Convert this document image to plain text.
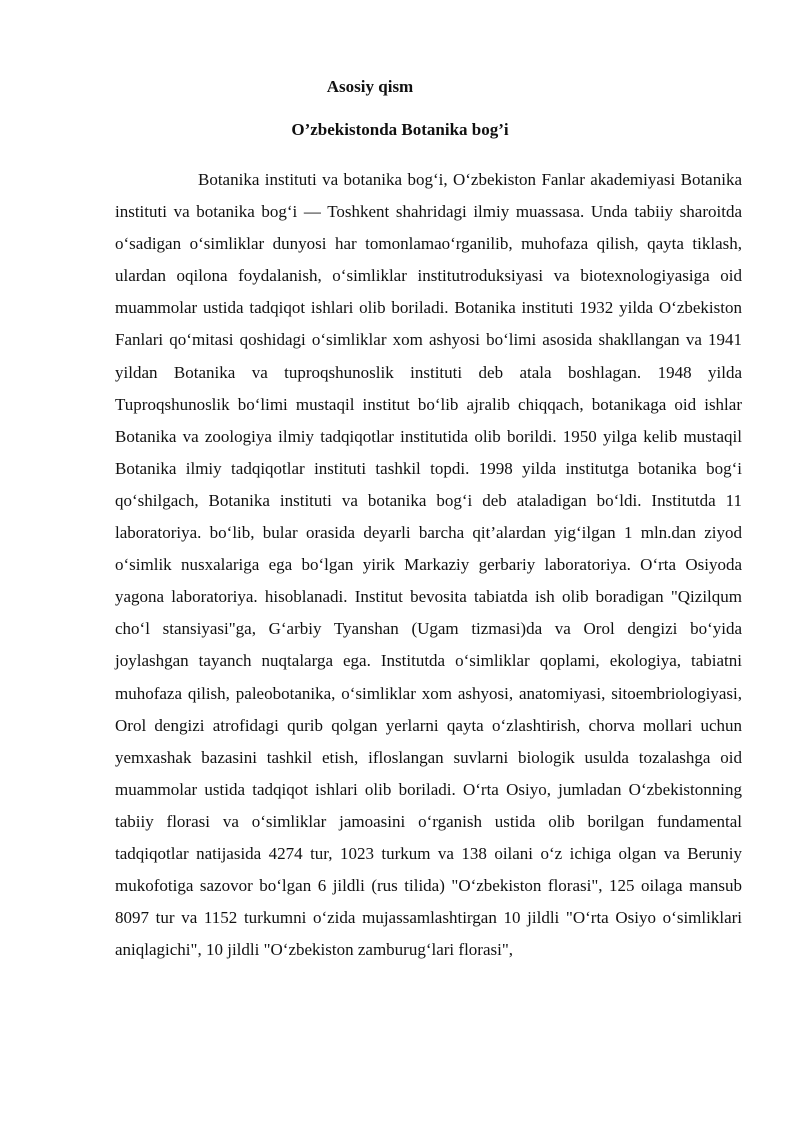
Asosiy qism
O’zbekistonda Botanika bog’i

Botanika instituti va botanika bog‘i, O‘zbekiston Fanlar akademiyasi Botanika instituti va botanika bog‘i — Toshkent shahridagi ilmiy muassasa. Unda tabiiy sharoitda o‘sadigan o‘simliklar dunyosi har tomonlamao‘rganilib, muhofaza qilish, qayta tiklash, ulardan oqilona foydalanish, o‘simliklar institutroduksiyasi va biotexnologiyasiga oid muammolar ustida tadqiqot ishlari olib boriladi. Botanika instituti 1932 yilda O‘zbekiston Fanlari qo‘mitasi qoshidagi o‘simliklar xom ashyosi bo‘limi asosida shakllangan va 1941 yildan Botanika va tuproqshunoslik instituti deb atala boshlagan. 1948 yilda Tuproqshunoslik bo‘limi mustaqil institut bo‘lib ajralib chiqqach, botanikaga oid ishlar Botanika va zoologiya ilmiy tadqiqotlar institutida olib borildi. 1950 yilga kelib mustaqil Botanika ilmiy tadqiqotlar instituti tashkil topdi. 1998 yilda institutga botanika bog‘i qo‘shilgach, Botanika instituti va botanika bog‘i deb ataladigan bo‘ldi. Institutda 11 laboratoriya. bo‘lib, bular orasida deyarli barcha qit’alardan yig‘ilgan 1 mln.dan ziyod o‘simlik nusxalariga ega bo‘lgan yirik Markaziy gerbariy laboratoriya. O‘rta Osiyoda yagona laboratoriya. hisoblanadi. Institut bevosita tabiatda ish olib boradigan "Qizilqum cho‘l stansiyasi"ga, G‘arbiy Tyanshan (Ugam tizmasi)da va Orol dengizi bo‘yida joylashgan tayanch nuqtalarga ega. Institutda o‘simliklar qoplami, ekologiya, tabiatni muhofaza qilish, paleobotanika, o‘simliklar xom ashyosi, anatomiyasi, sitoembriologiyasi, Orol dengizi atrofidagi qurib qolgan yerlarni qayta o‘zlashtirish, chorva mollari uchun yemxashak bazasini tashkil etish, ifloslangan suvlarni biologik usulda tozalashga oid muammolar ustida tadqiqot ishlari olib boriladi. O‘rta Osiyo, jumladan O‘zbekistonning tabiiy florasi va o‘simliklar jamoasini o‘rganish ustida olib borilgan fundamental tadqiqotlar natijasida 4274 tur, 1023 turkum va 138 oilani o‘z ichiga olgan va Beruniy mukofotiga sazovor bo‘lgan 6 jildli (rus tilida) "O‘zbekiston florasi", 125 oilaga mansub 8097 tur va 1152 turkumni o‘zida mujassamlashtirgan 10 jildli "O‘rta Osiyo o‘simliklari aniqlagichi", 10 jildli "O‘zbekiston zamburug‘lari florasi",
